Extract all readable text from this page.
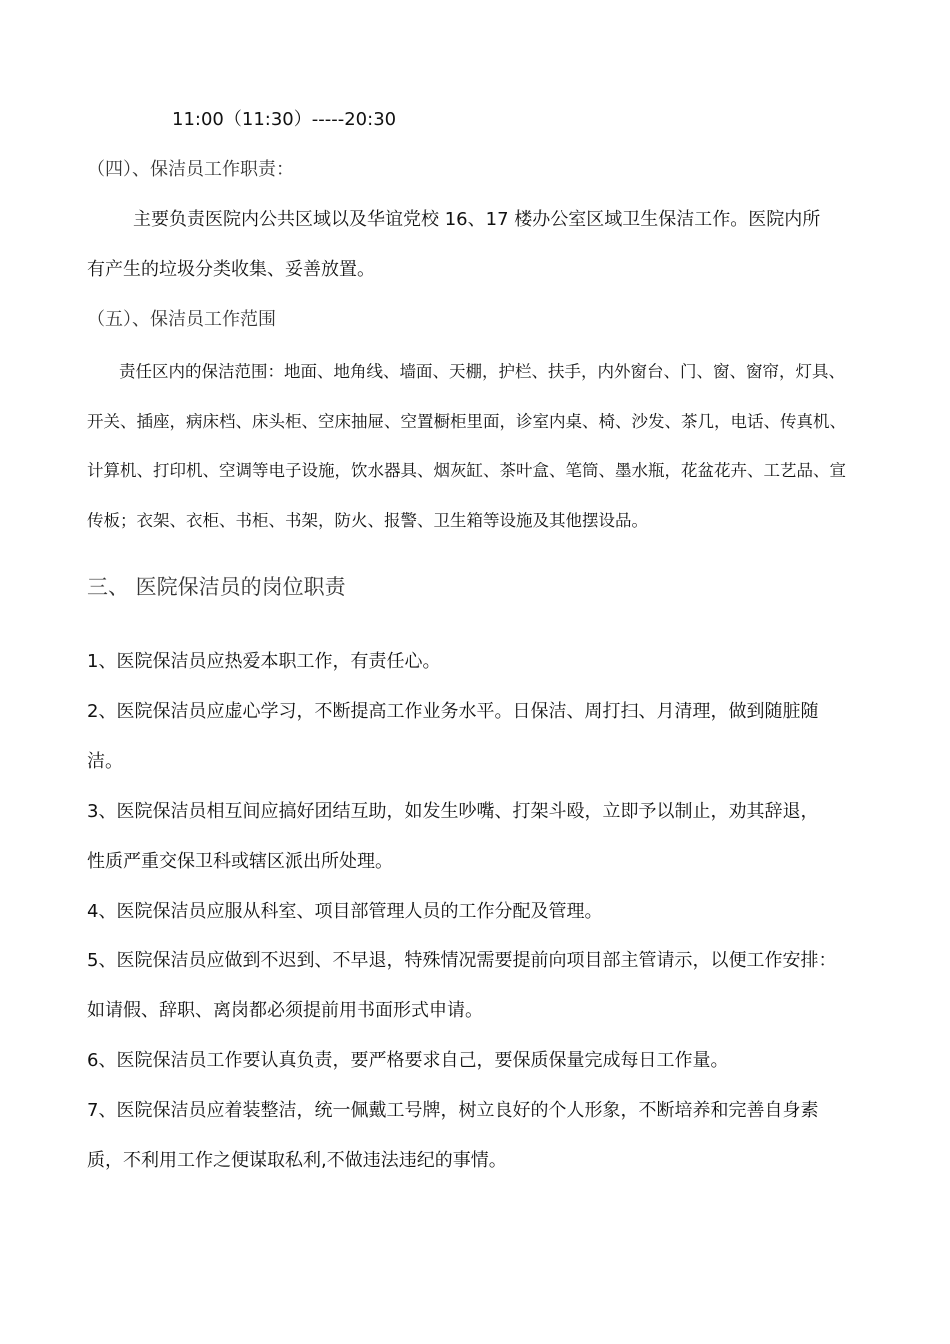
11:00（11:30）-----20:30
（四）、保洁员工作职责：
主要负责医院内公共区域以及华谊党校 16、17 楼办公室区域卫生保洁工作。医院内所
有产生的垃圾分类收集、妥善放置。
（五）、保洁员工作范围
责任区内的保洁范围：地面、地角线、墙面、天棚，护栏、扶手，内外窗台、门、窗、窗帘，灯具、
开关、插座，病床档、床头柜、空床抽屉、空置橱柜里面，诊室内桌、椅、沙发、茶几，电话、传真机、
计算机、打印机、空调等电子设施，饮水器具、烟灰缸、茶叶盒、笔筒、墨水瓶，花盆花卉、工艺品、宣
传板；衣架、衣柜、书柜、书架，防火、报警、卫生箱等设施及其他摆设品。
三、 医院保洁员的岗位职责
1、医院保洁员应热爱本职工作，有责任心。
2、医院保洁员应虚心学习，不断提高工作业务水平。日保洁、周打扫、月清理，做到随脏随
洁。
3、医院保洁员相互间应搞好团结互助，如发生吵嘴、打架斗殴，立即予以制止，劝其辞退，
性质严重交保卫科或辖区派出所处理。
4、医院保洁员应服从科室、项目部管理人员的工作分配及管理。
5、医院保洁员应做到不迟到、不早退，特殊情况需要提前向项目部主管请示，以便工作安排：
如请假、辞职、离岗都必须提前用书面形式申请。
6、医院保洁员工作要认真负责，要严格要求自己，要保质保量完成每日工作量。
7、医院保洁员应着装整洁，统一佩戴工号牌，树立良好的个人形象，不断培养和完善自身素
质，不利用工作之便谋取私利,不做违法违纪的事情。
